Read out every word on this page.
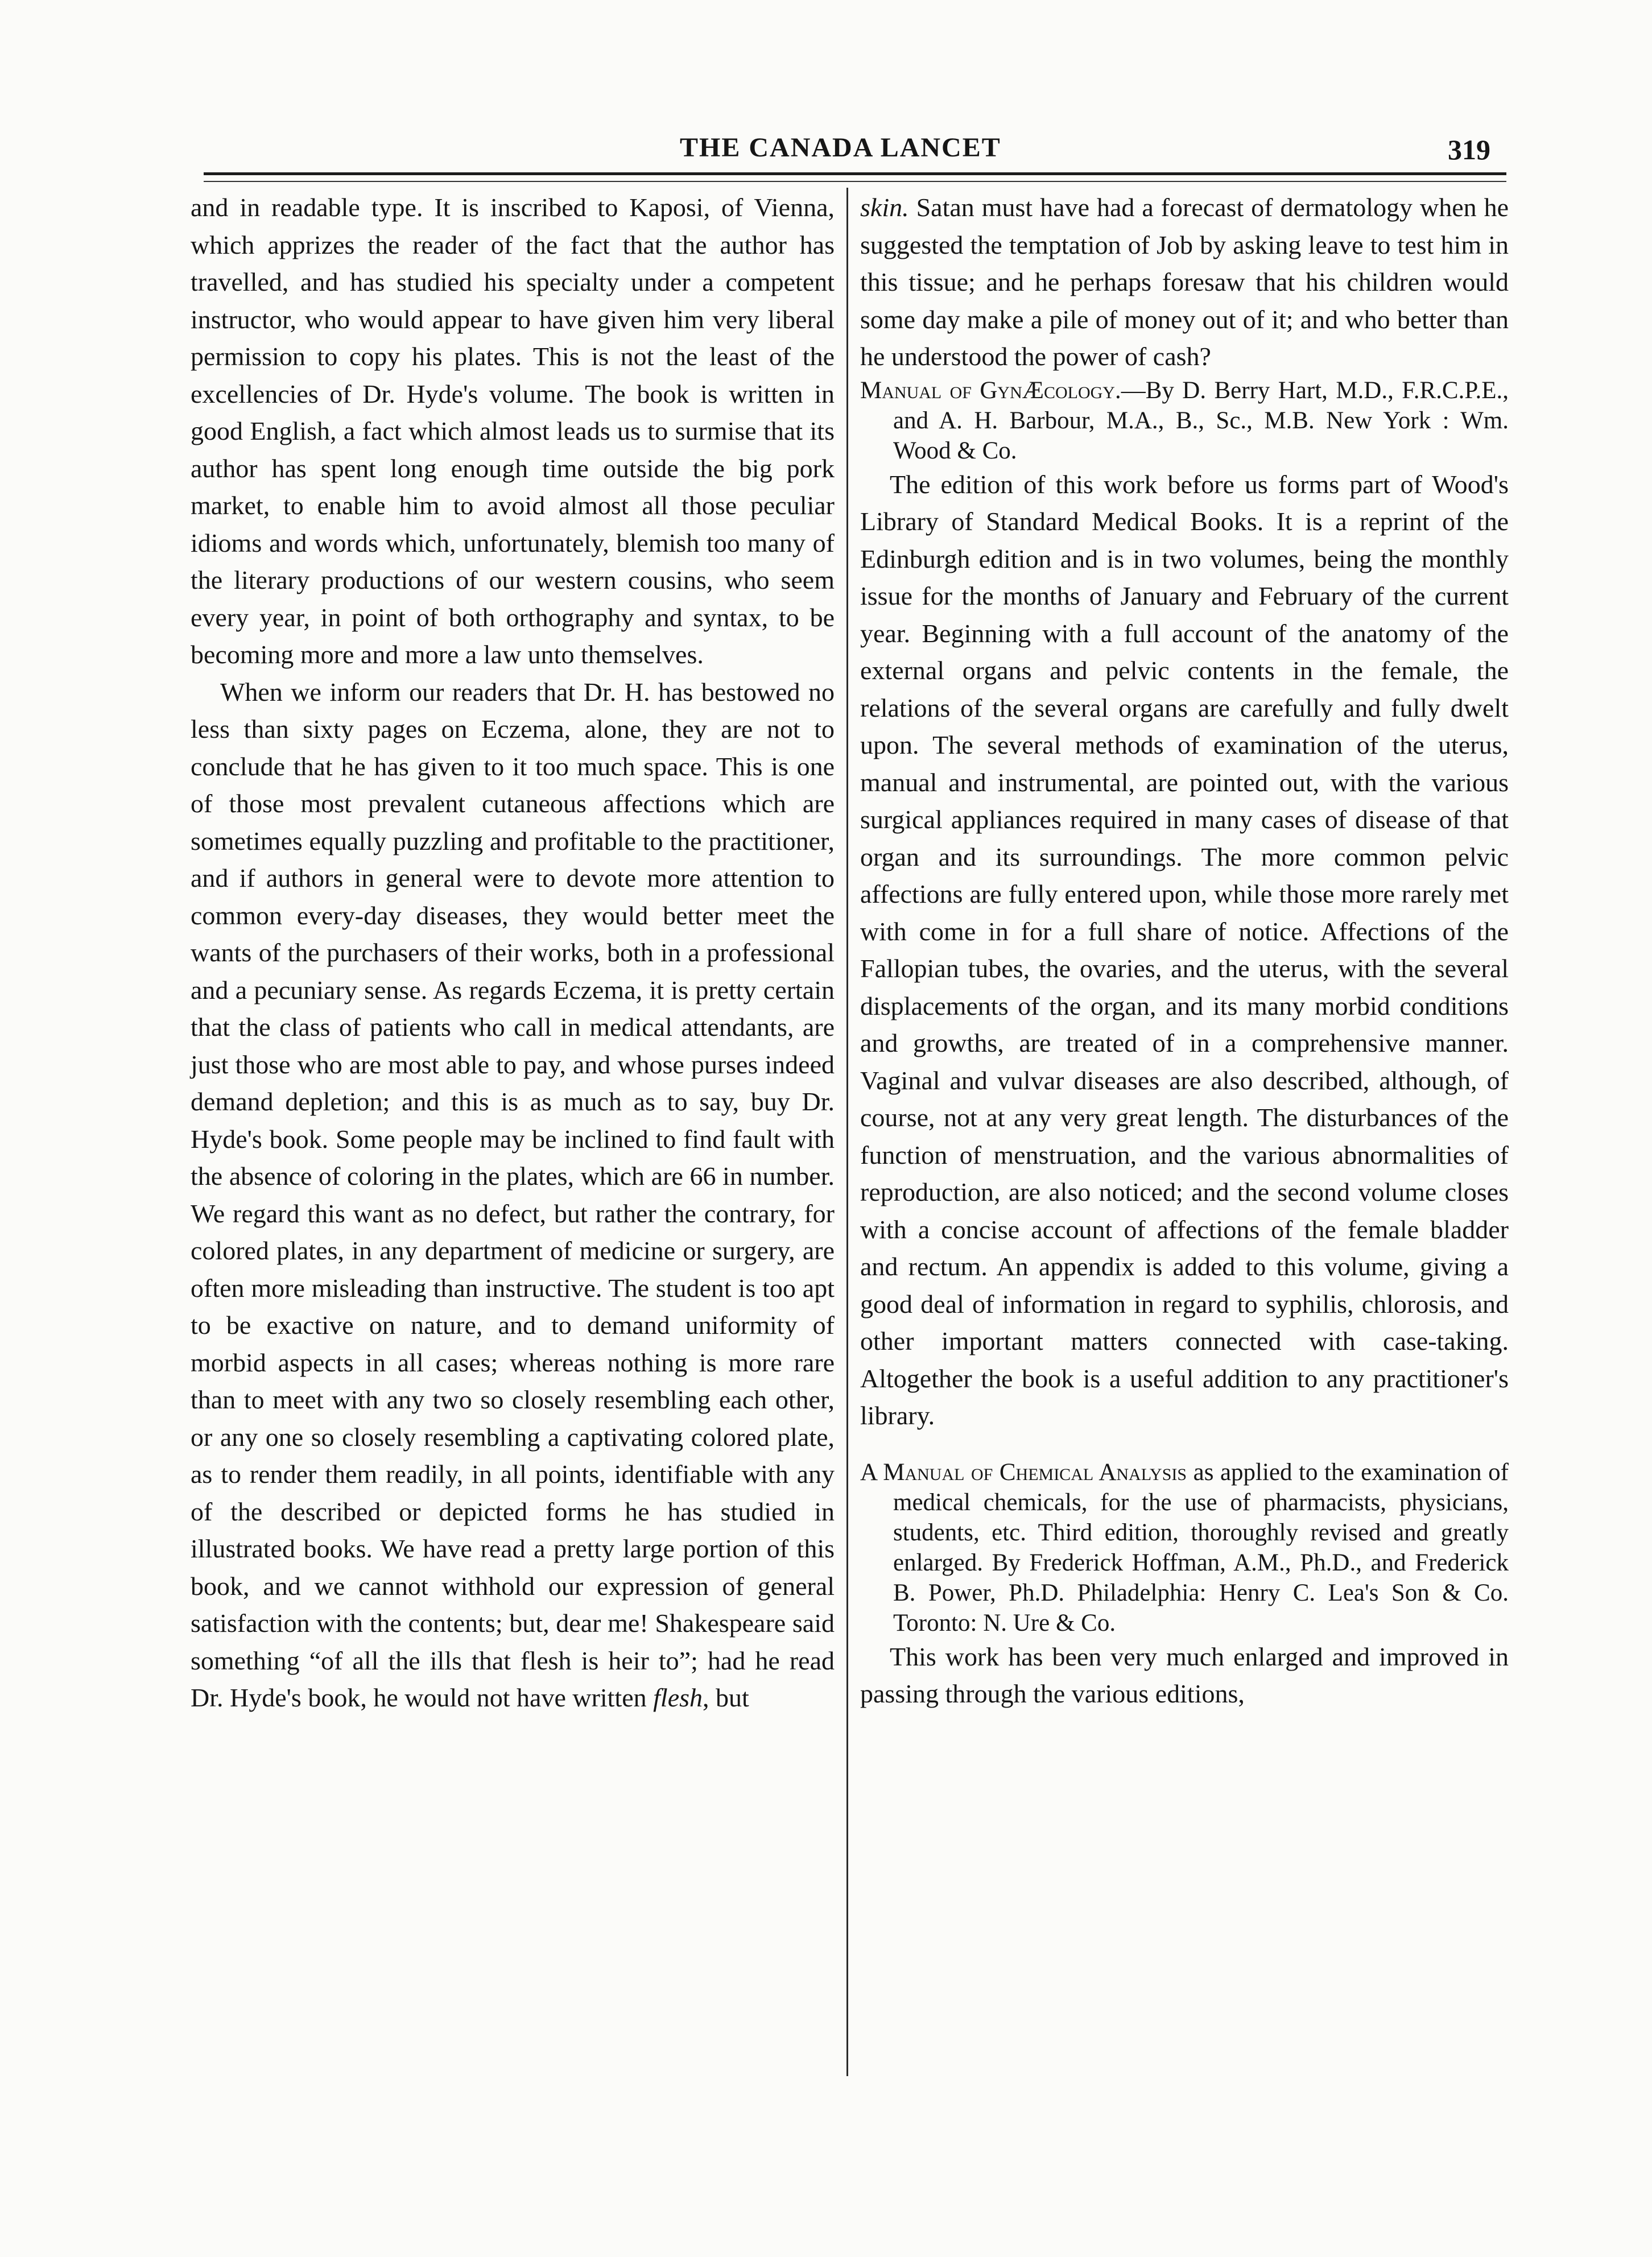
THE CANADA LANCET	319

and in readable type. It is inscribed to Kaposi, of Vienna, which apprizes the reader of the fact that the author has travelled, and has studied his specialty under a competent instructor, who would appear to have given him very liberal permission to copy his plates. This is not the least of the excellencies of Dr. Hyde's volume. The book is written in good English, a fact which almost leads us to surmise that its author has spent long enough time outside the big pork market, to enable him to avoid almost all those peculiar idioms and words which, unfortunately, blemish too many of the literary productions of our western cousins, who seem every year, in point of both orthography and syntax, to be becoming more and more a law unto themselves.

When we inform our readers that Dr. H. has bestowed no less than sixty pages on Eczema, alone, they are not to conclude that he has given to it too much space. This is one of those most prevalent cutaneous affections which are sometimes equally puzzling and profitable to the practitioner, and if authors in general were to devote more attention to common every-day diseases, they would better meet the wants of the purchasers of their works, both in a professional and a pecuniary sense. As regards Eczema, it is pretty certain that the class of patients who call in medical attendants, are just those who are most able to pay, and whose purses indeed demand depletion; and this is as much as to say, buy Dr. Hyde's book. Some people may be inclined to find fault with the absence of coloring in the plates, which are 66 in number. We regard this want as no defect, but rather the contrary, for colored plates, in any department of medicine or surgery, are often more misleading than instructive. The student is too apt to be exactive on nature, and to demand uniformity of morbid aspects in all cases; whereas nothing is more rare than to meet with any two so closely resembling each other, or any one so closely resembling a captivating colored plate, as to render them readily, in all points, identifiable with any of the described or depicted forms he has studied in illustrated books. We have read a pretty large portion of this book, and we cannot withhold our expression of general satisfaction with the contents; but, dear me! Shakespeare said something “of all the ills that flesh is heir to”; had he read Dr. Hyde's book, he would not have written flesh, but

skin. Satan must have had a forecast of dermatology when he suggested the temptation of Job by asking leave to test him in this tissue; and he perhaps foresaw that his children would some day make a pile of money out of it; and who better than he understood the power of cash?

Manual of GynÆcology.—By D. Berry Hart, M.D., F.R.C.P.E., and A. H. Barbour, M.A., B., Sc., M.B. New York : Wm. Wood & Co.

The edition of this work before us forms part of Wood's Library of Standard Medical Books. It is a reprint of the Edinburgh edition and is in two volumes, being the monthly issue for the months of January and February of the current year. Beginning with a full account of the anatomy of the external organs and pelvic contents in the female, the relations of the several organs are carefully and fully dwelt upon. The several methods of examination of the uterus, manual and instrumental, are pointed out, with the various surgical appliances required in many cases of disease of that organ and its surroundings. The more common pelvic affections are fully entered upon, while those more rarely met with come in for a full share of notice. Affections of the Fallopian tubes, the ovaries, and the uterus, with the several displacements of the organ, and its many morbid conditions and growths, are treated of in a comprehensive manner. Vaginal and vulvar diseases are also described, although, of course, not at any very great length. The disturbances of the function of menstruation, and the various abnormalities of reproduction, are also noticed; and the second volume closes with a concise account of affections of the female bladder and rectum. An appendix is added to this volume, giving a good deal of information in regard to syphilis, chlorosis, and other important matters connected with case-taking. Altogether the book is a useful addition to any practitioner's library.

A Manual of Chemical Analysis as applied to the examination of medical chemicals, for the use of pharmacists, physicians, students, etc. Third edition, thoroughly revised and greatly enlarged. By Frederick Hoffman, A.M., Ph.D., and Frederick B. Power, Ph.D. Philadelphia: Henry C. Lea's Son & Co. Toronto: N. Ure & Co.

This work has been very much enlarged and improved in passing through the various editions,
